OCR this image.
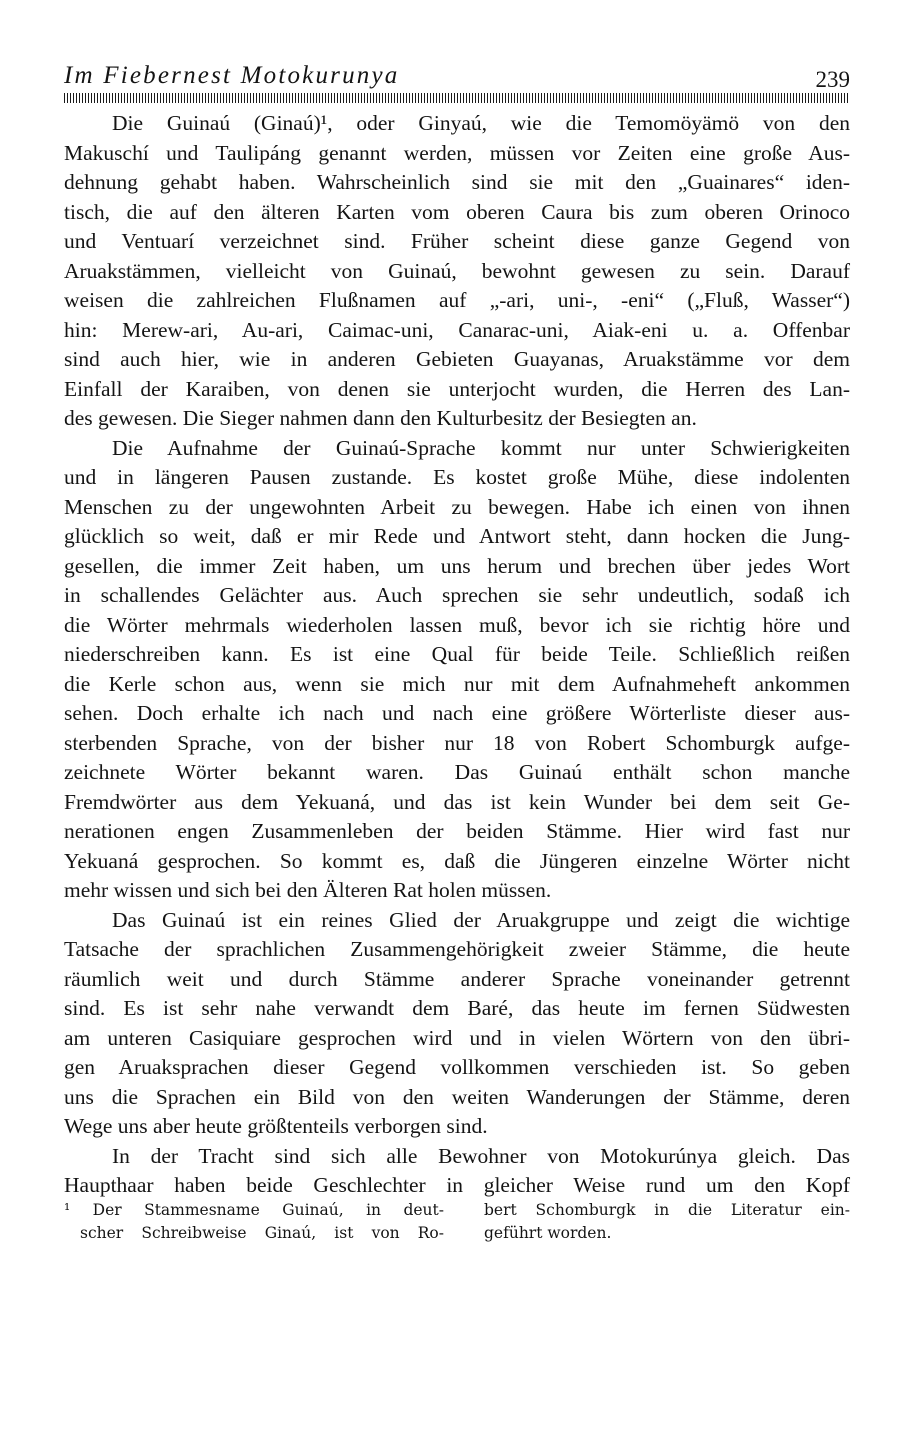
Im Fiebernest Motokurunya	239
Die Guinaú (Ginaú)¹, oder Ginyaú, wie die Temomöyämö von den
Makuschí und Taulipáng genannt werden, müssen vor Zeiten eine große Aus-
dehnung gehabt haben. Wahrscheinlich sind sie mit den „Guainares“ iden-
tisch, die auf den älteren Karten vom oberen Caura bis zum oberen Orinoco
und Ventuarí verzeichnet sind. Früher scheint diese ganze Gegend von
Aruakstämmen, vielleicht von Guinaú, bewohnt gewesen zu sein. Darauf
weisen die zahlreichen Flußnamen auf „-ari, uni-, -eni“ („Fluß, Wasser“)
hin: Merew-ari, Au-ari, Caimac-uni, Canarac-uni, Aiak-eni u. a. Offenbar
sind auch hier, wie in anderen Gebieten Guayanas, Aruakstämme vor dem
Einfall der Karaiben, von denen sie unterjocht wurden, die Herren des Lan-
des gewesen. Die Sieger nahmen dann den Kulturbesitz der Besiegten an.
Die Aufnahme der Guinaú-Sprache kommt nur unter Schwierigkeiten
und in längeren Pausen zustande. Es kostet große Mühe, diese indolenten
Menschen zu der ungewohnten Arbeit zu bewegen. Habe ich einen von ihnen
glücklich so weit, daß er mir Rede und Antwort steht, dann hocken die Jung-
gesellen, die immer Zeit haben, um uns herum und brechen über jedes Wort
in schallendes Gelächter aus. Auch sprechen sie sehr undeutlich, sodaß ich
die Wörter mehrmals wiederholen lassen muß, bevor ich sie richtig höre und
niederschreiben kann. Es ist eine Qual für beide Teile. Schließlich reißen
die Kerle schon aus, wenn sie mich nur mit dem Aufnahmeheft ankommen
sehen. Doch erhalte ich nach und nach eine größere Wörterliste dieser aus-
sterbenden Sprache, von der bisher nur 18 von Robert Schomburgk aufge-
zeichnete Wörter bekannt waren. Das Guinaú enthält schon manche
Fremdwörter aus dem Yekuaná, und das ist kein Wunder bei dem seit Ge-
nerationen engen Zusammenleben der beiden Stämme. Hier wird fast nur
Yekuaná gesprochen. So kommt es, daß die Jüngeren einzelne Wörter nicht
mehr wissen und sich bei den Älteren Rat holen müssen.
Das Guinaú ist ein reines Glied der Aruakgruppe und zeigt die wichtige
Tatsache der sprachlichen Zusammengehörigkeit zweier Stämme, die heute
räumlich weit und durch Stämme anderer Sprache voneinander getrennt
sind. Es ist sehr nahe verwandt dem Baré, das heute im fernen Südwesten
am unteren Casiquiare gesprochen wird und in vielen Wörtern von den übri-
gen Aruaksprachen dieser Gegend vollkommen verschieden ist. So geben
uns die Sprachen ein Bild von den weiten Wanderungen der Stämme, deren
Wege uns aber heute größtenteils verborgen sind.
In der Tracht sind sich alle Bewohner von Motokurúnya gleich. Das
Haupthaar haben beide Geschlechter in gleicher Weise rund um den Kopf
¹ Der Stammesname Guinaú, in deut-
scher Schreibweise Ginaú, ist von Ro-
bert Schomburgk in die Literatur ein-
geführt worden.
